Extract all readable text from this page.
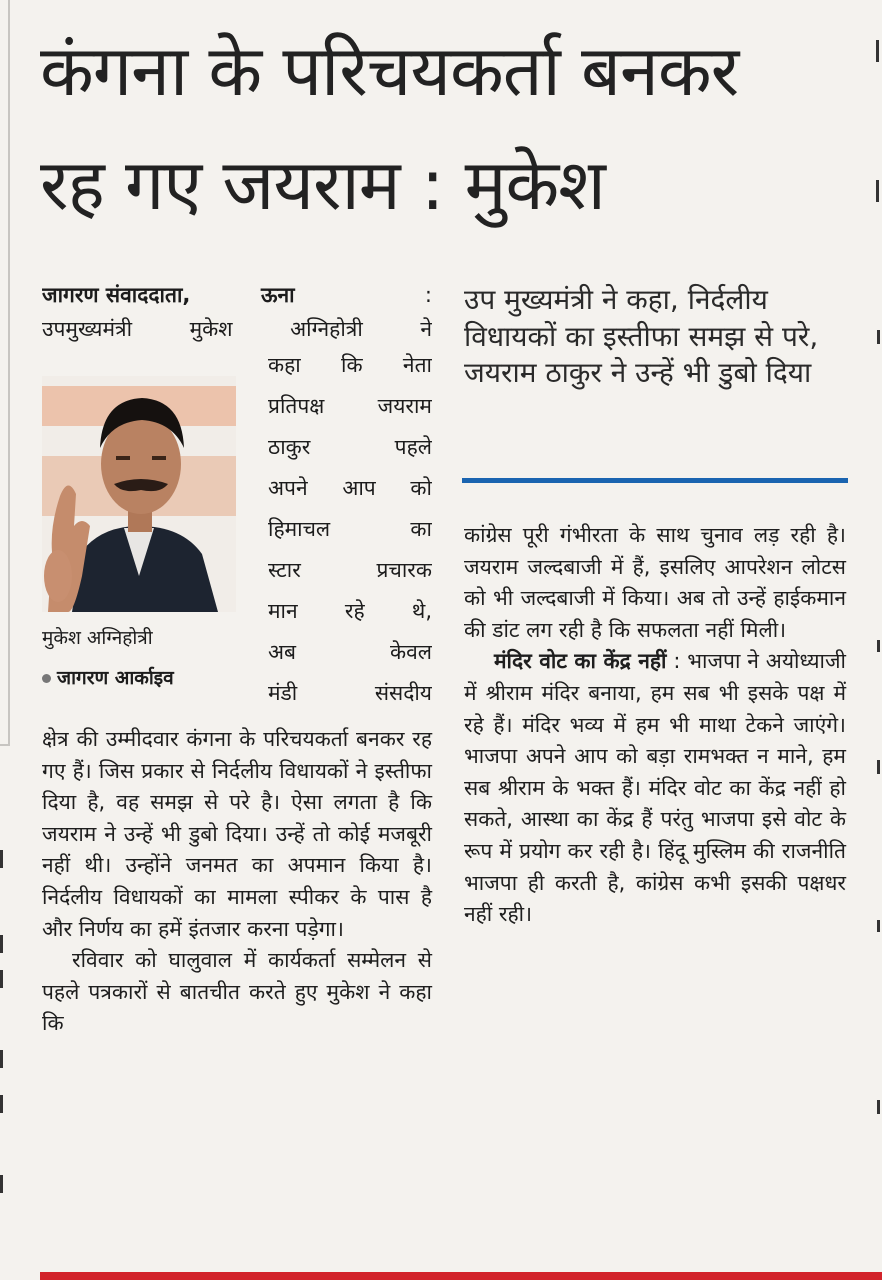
कंगना के परिचयकर्ता बनकर
रह गए जयराम : मुकेश
जागरण संवाददाता,	ऊना	:
उपमुख्यमंत्री मुकेश अग्निहोत्री ने
मुकेश अग्निहोत्री
जागरण आर्काइव
कहा कि नेता
प्रतिपक्ष जयराम
ठाकुर पहले
अपने आप को
हिमाचल का
स्टार प्रचारक
मान रहे थे,
अब केवल
मंडी संसदीय
क्षेत्र की उम्मीदवार कंगना के परिचयकर्ता बनकर रह गए हैं। जिस प्रकार से निर्दलीय विधायकों ने इस्तीफा दिया है, वह समझ से परे है। ऐसा लगता है कि जयराम ने उन्हें भी डुबो दिया। उन्हें तो कोई मजबूरी नहीं थी। उन्होंने जनमत का अपमान किया है। निर्दलीय विधायकों का मामला स्पीकर के पास है और निर्णय का हमें इंतजार करना पड़ेगा।
रविवार को घालुवाल में कार्यकर्ता सम्मेलन से पहले पत्रकारों से बातचीत करते हुए मुकेश ने कहा कि
उप मुख्यमंत्री ने कहा, निर्दलीय विधायकों का इस्तीफा समझ से परे, जयराम ठाकुर ने उन्हें भी डुबो दिया
कांग्रेस पूरी गंभीरता के साथ चुनाव लड़ रही है। जयराम जल्दबाजी में हैं, इसलिए आपरेशन लोटस को भी जल्दबाजी में किया। अब तो उन्हें हाईकमान की डांट लग रही है कि सफलता नहीं मिली।
मंदिर वोट का केंद्र नहीं : भाजपा ने अयोध्याजी में श्रीराम मंदिर बनाया, हम सब भी इसके पक्ष में रहे हैं। मंदिर भव्य में हम भी माथा टेकने जाएंगे। भाजपा अपने आप को बड़ा रामभक्त न माने, हम सब श्रीराम के भक्त हैं। मंदिर वोट का केंद्र नहीं हो सकते, आस्था का केंद्र हैं परंतु भाजपा इसे वोट के रूप में प्रयोग कर रही है। हिंदू मुस्लिम की राजनीति भाजपा ही करती है, कांग्रेस कभी इसकी पक्षधर नहीं रही।
